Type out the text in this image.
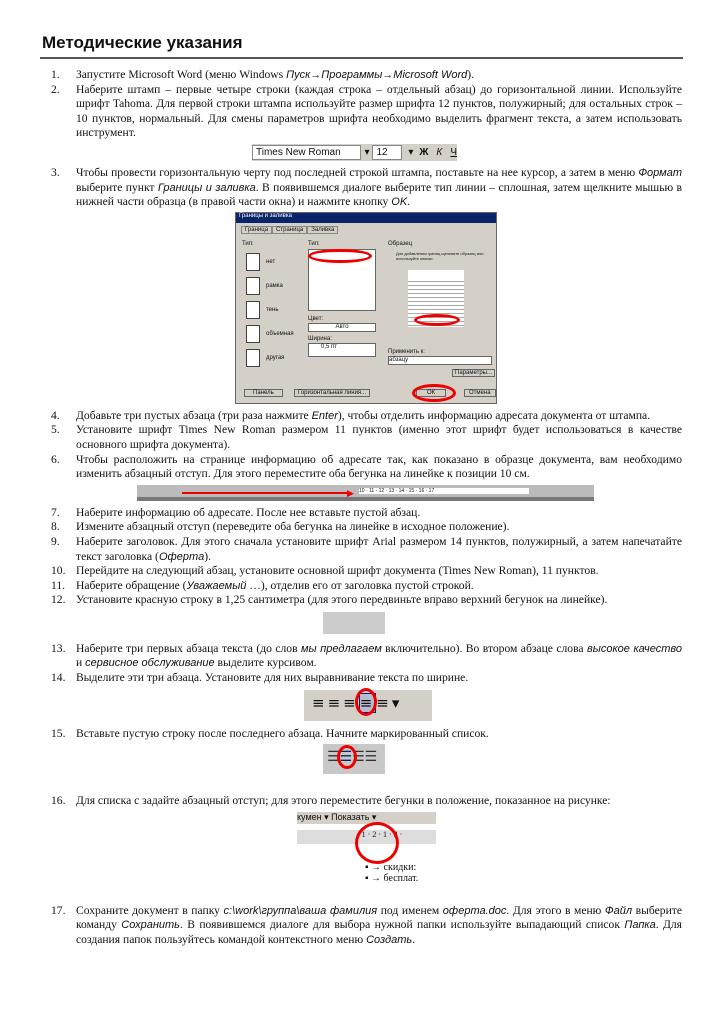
Методические указания
1.	Запустите Microsoft Word (меню Windows Пуск→Программы→Microsoft Word).
2.	Наберите штамп – первые четыре строки (каждая строка – отдельный абзац) до горизонтальной линии. Используйте шрифт Tahoma. Для первой строки штампа используйте размер шрифта 12 пунктов, полужирный; для остальных строк – 10 пунктов, нормальный. Для смены параметров шрифта необходимо выделить фрагмент текста, а затем использовать инструмент.
Times New Roman	▾ 12	▾ Ж К Ч
3.	Чтобы провести горизонтальную черту под последней строкой штампа, поставьте на нее курсор, а затем в меню Формат выберите пункт Границы и заливка. В появившемся диалоге выберите тип линии – сплошная, затем щелкните мышью в нижней части образца (в правой части окна) и нажмите кнопку OK.
Границы и заливка
Граница Страница Заливка
Тип:
нет
рамка
тень
объемная
другая
Тип:
Цвет:
Авто
Ширина:
0,5 пт
Образец
Для добавления границ щелкните образец или используйте кнопки
Применить к:
абзацу
Параметры...
Панель	Горизонтальная линия...	ОК	Отмена
4.	Добавьте три пустых абзаца (три раза нажмите Enter), чтобы отделить информацию адресата документа от штампа.
5.	Установите шрифт Times New Roman размером 11 пунктов (именно этот шрифт будет использоваться в качестве основного шрифта документа).
6.	Чтобы расположить на странице информацию об адресате так, как показано в образце документа, вам необходимо изменить абзацный отступ. Для этого переместите оба бегунка на линейке к позиции 10 см.
▶ 10 · 11 · 12 · 13 · 14 · 15 · 16 · 17
7.	Наберите информацию об адресате. После нее вставьте пустой абзац.
8.	Измените абзацный отступ (переведите оба бегунка на линейке в исходное положение).
9.	Наберите заголовок. Для этого сначала установите шрифт Arial размером 14 пунктов, полужирный, а затем напечатайте текст заголовка (Оферта).
10. Перейдите на следующий абзац, установите основной шрифт документа (Times New Roman), 11 пунктов.
11. Наберите обращение (Уважаемый …), отделив его от заголовка пустой строкой.
12. Установите красную строку в 1,25 сантиметра (для этого передвиньте вправо верхний бегунок на линейке).
13. Наберите три первых абзаца текста (до слов мы предлагаем включительно). Во втором абзаце слова высокое качество и сервисное обслуживание выделите курсивом.
14. Выделите эти три абзаца. Установите для них выравнивание текста по ширине.
≡≡≡≡
≡▾
15. Вставьте пустую строку после последнего абзаца. Начните маркированный список.
☰☰
☰☰
16. Для списка с задайте абзацный отступ; для этого переместите бегунки в положение, показанное на рисунке:
кумен ▾ Показать ▾
· 1 · 2 · 1 · 3 ·
▪ → скидки:
▪ → бесплат.
17. Сохраните документ в папку c:\work\группа\ваша фамилия под именем оферта.doc. Для этого в меню Файл выберите команду Сохранить. В появившемся диалоге для выбора нужной папки используйте выпадающий список Папка. Для создания папок пользуйтесь командой контекстного меню Создать.
